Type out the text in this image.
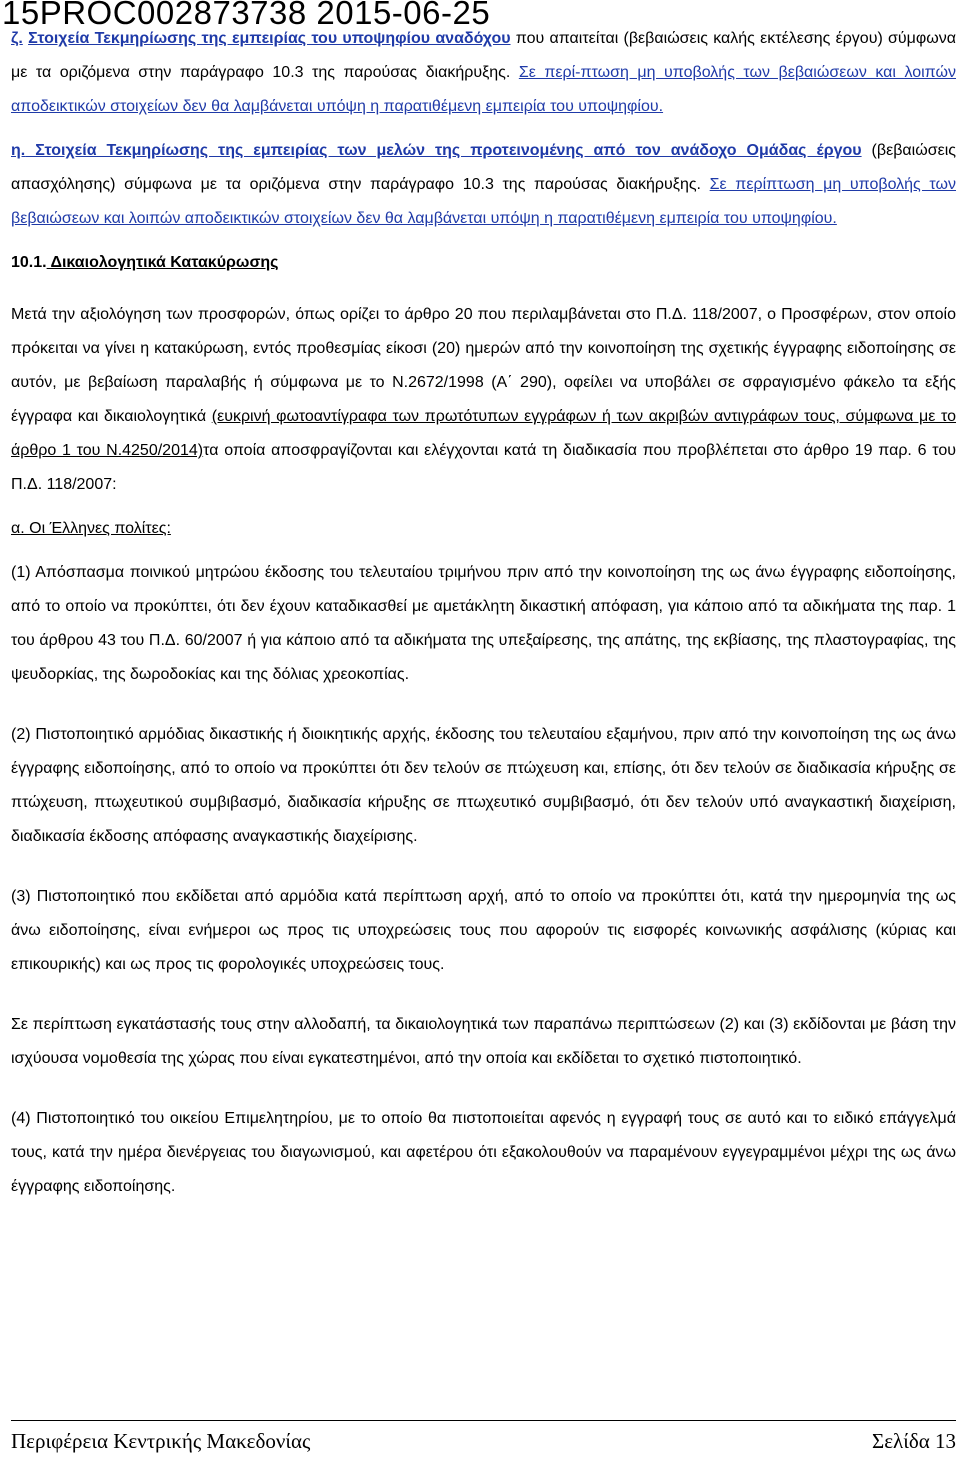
15PROC002873738 2015-06-25

ζ. Στοιχεία Τεκμηρίωσης της εμπειρίας του υποψηφίου αναδόχου που απαιτείται (βεβαιώσεις καλής εκτέλεσης έργου) σύμφωνα με τα οριζόμενα στην παράγραφο 10.3 της παρούσας διακήρυξης. Σε περί-πτωση μη υποβολής των βεβαιώσεων και λοιπών αποδεικτικών στοιχείων δεν θα λαμβάνεται υπόψη η παρατιθέμενη εμπειρία του υποψηφίου.

η. Στοιχεία Τεκμηρίωσης της εμπειρίας των μελών της προτεινομένης από τον ανάδοχο Ομάδας έργου (βεβαιώσεις απασχόλησης) σύμφωνα με τα οριζόμενα στην παράγραφο 10.3 της παρούσας διακήρυξης. Σε περίπτωση μη υποβολής των βεβαιώσεων και λοιπών αποδεικτικών στοιχείων δεν θα λαμβάνεται υπόψη η παρατιθέμενη εμπειρία του υποψηφίου.

10.1. Δικαιολογητικά Κατακύρωσης

Μετά την αξιολόγηση των προσφορών, όπως ορίζει το άρθρο 20 που περιλαμβάνεται στο Π.Δ. 118/2007, ο Προσφέρων, στον οποίο πρόκειται να γίνει η κατακύρωση, εντός προθεσμίας είκοσι (20) ημερών από την κοινοποίηση της σχετικής έγγραφης ειδοποίησης σε αυτόν, με βεβαίωση παραλαβής ή σύμφωνα με το Ν.2672/1998 (Α΄ 290), οφείλει να υποβάλει σε σφραγισμένο φάκελο τα εξής έγγραφα και δικαιολογητικά (ευκρινή φωτοαντίγραφα των πρωτότυπων εγγράφων ή των ακριβών αντιγράφων τους, σύμφωνα με το άρθρο 1 του Ν.4250/2014)τα οποία αποσφραγίζονται και ελέγχονται κατά τη διαδικασία που προβλέπεται στο άρθρο 19 παρ. 6 του Π.Δ. 118/2007:

α. Οι Έλληνες πολίτες:

(1) Απόσπασμα ποινικού μητρώου έκδοσης του τελευταίου τριμήνου πριν από την κοινοποίηση της ως άνω έγγραφης ειδοποίησης, από το οποίο να προκύπτει, ότι δεν έχουν καταδικασθεί με αμετάκλητη δικαστική απόφαση, για κάποιο από τα αδικήματα της παρ. 1 του άρθρου 43 του Π.Δ. 60/2007 ή για κάποιο από τα αδικήματα της υπεξαίρεσης, της απάτης, της εκβίασης, της πλαστογραφίας, της ψευδορκίας, της δωροδοκίας και της δόλιας χρεοκοπίας.

(2) Πιστοποιητικό αρμόδιας δικαστικής ή διοικητικής αρχής, έκδοσης του τελευταίου εξαμήνου, πριν από την κοινοποίηση της ως άνω έγγραφης ειδοποίησης, από το οποίο να προκύπτει ότι δεν τελούν σε πτώχευση και, επίσης, ότι δεν τελούν σε διαδικασία κήρυξης σε πτώχευση, πτωχευτικού συμβιβασμό, διαδικασία κήρυξης σε πτωχευτικό συμβιβασμό, ότι δεν τελούν υπό αναγκαστική διαχείριση, διαδικασία έκδοσης απόφασης αναγκαστικής διαχείρισης.

(3) Πιστοποιητικό που εκδίδεται από αρμόδια κατά περίπτωση αρχή, από το οποίο να προκύπτει ότι, κατά την ημερομηνία της ως άνω ειδοποίησης, είναι ενήμεροι ως προς τις υποχρεώσεις τους που αφορούν τις εισφορές κοινωνικής ασφάλισης (κύριας και επικουρικής) και ως προς τις φορολογικές υποχρεώσεις τους.

Σε περίπτωση εγκατάστασής τους στην αλλοδαπή, τα δικαιολογητικά των παραπάνω περιπτώσεων (2) και (3) εκδίδονται με βάση την ισχύουσα νομοθεσία της χώρας που είναι εγκατεστημένοι, από την οποία και εκδίδεται το σχετικό πιστοποιητικό.

(4) Πιστοποιητικό του οικείου Επιμελητηρίου, με το οποίο θα πιστοποιείται αφενός η εγγραφή τους σε αυτό και το ειδικό επάγγελμά τους, κατά την ημέρα διενέργειας του διαγωνισμού, και αφετέρου ότι εξακολουθούν να παραμένουν εγγεγραμμένοι μέχρι της ως άνω έγγραφης ειδοποίησης.

Περιφέρεια Κεντρικής Μακεδονίας	Σελίδα 13
